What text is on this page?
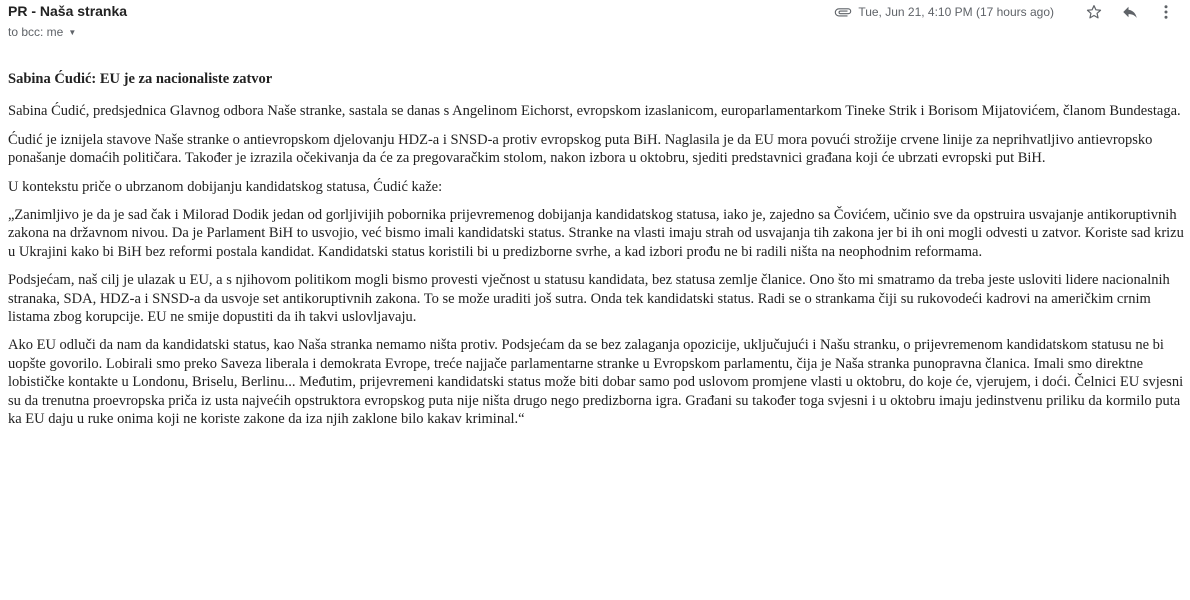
PR - Naša stranka
to bcc: me ▼
Tue, Jun 21, 4:10 PM (17 hours ago)
Sabina Ćudić: EU je za nacionaliste zatvor

Sabina Ćudić, predsjednica Glavnog odbora Naše stranke, sastala se danas s Angelinom Eichorst, evropskom izaslanicom, europarlamentarkom Tineke Strik i Borisom Mijatovićem, članom Bundestaga.

Ćudić je iznijela stavove Naše stranke o antievropskom djelovanju HDZ-a i SNSD-a protiv evropskog puta BiH. Naglasila je da EU mora povući strožije crvene linije za neprihvatljivo antievropsko ponašanje domaćih političara. Također je izrazila očekivanja da će za pregovaračkim stolom, nakon izbora u oktobru, sjediti predstavnici građana koji će ubrzati evropski put BiH.

U kontekstu priče o ubrzanom dobijanju kandidatskog statusa, Ćudić kaže:

„Zanimljivo je da je sad čak i Milorad Dodik jedan od gorljivijih pobornika prijevremenog dobijanja kandidatskog statusa, iako je, zajedno sa Čovićem, učinio sve da opstruira usvajanje antikoruptivnih zakona na državnom nivou. Da je Parlament BiH to usvojio, već bismo imali kandidatski status. Stranke na vlasti imaju strah od usvajanja tih zakona jer bi ih oni mogli odvesti u zatvor. Koriste sad krizu u Ukrajini kako bi BiH bez reformi postala kandidat. Kandidatski status koristili bi u predizborne svrhe, a kad izbori prođu ne bi radili ništa na neophodnim reformama.

Podsjećam, naš cilj je ulazak u EU, a s njihovom politikom mogli bismo provesti vječnost u statusu kandidata, bez statusa zemlje članice. Ono što mi smatramo da treba jeste usloviti lidere nacionalnih stranaka, SDA, HDZ-a i SNSD-a da usvoje set antikoruptivnih zakona. To se može uraditi još sutra. Onda tek kandidatski status. Radi se o strankama čiji su rukovodeći kadrovi na američkim crnim listama zbog korupcije. EU ne smije dopustiti da ih takvi uslovljavaju.

Ako EU odluči da nam da kandidatski status, kao Naša stranka nemamo ništa protiv. Podsjećam da se bez zalaganja opozicije, uključujući i Našu stranku, o prijevremenom kandidatskom statusu ne bi uopšte govorilo. Lobirali smo preko Saveza liberala i demokrata Evrope, treće najjače parlamentarne stranke u Evropskom parlamentu, čija je Naša stranka punopravna članica. Imali smo direktne lobističke kontakte u Londonu, Briselu, Berlinu... Međutim, prijevremeni kandidatski status može biti dobar samo pod uslovom promjene vlasti u oktobru, do koje će, vjerujem, i doći. Čelnici EU svjesni su da trenutna proevropska priča iz usta najvećih opstruktora evropskog puta nije ništa drugo nego predizborna igra. Građani su također toga svjesni i u oktobru imaju jedinstvenu priliku da kormilo puta ka EU daju u ruke onima koji ne koriste zakone da iza njih zaklone bilo kakav kriminal.“
